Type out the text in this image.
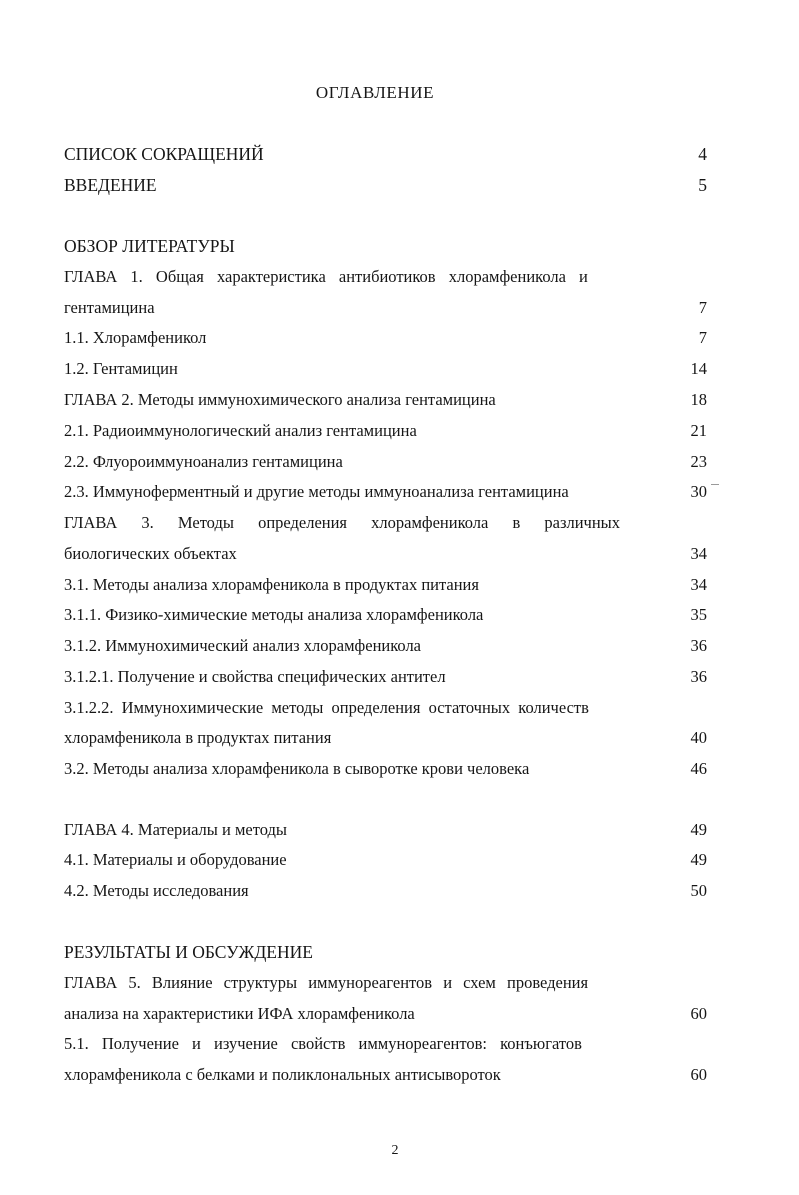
ОГЛАВЛЕНИЕ
СПИСОК СОКРАЩЕНИЙ	4
ВВЕДЕНИЕ	5
ОБЗОР ЛИТЕРАТУРЫ
ГЛАВА 1. Общая характеристика антибиотиков хлорамфеникола и
гентамицина	7
1.1. Хлорамфеникол	7
1.2. Гентамицин	14
ГЛАВА 2. Методы иммунохимического анализа гентамицина	18
2.1. Радиоиммунологический анализ гентамицина	21
2.2. Флуороиммуноанализ гентамицина	23
2.3. Иммуноферментный и другие методы иммуноанализа гентамицина	30
ГЛАВА 3. Методы определения хлорамфеникола в различных
биологических объектах	34
3.1. Методы анализа хлорамфеникола в продуктах питания	34
3.1.1. Физико-химические методы анализа хлорамфеникола	35
3.1.2. Иммунохимический анализ хлорамфеникола	36
3.1.2.1. Получение и свойства специфических антител	36
3.1.2.2. Иммунохимические методы определения остаточных количеств
хлорамфеникола в продуктах питания	40
3.2. Методы анализа хлорамфеникола в сыворотке крови человека	46
ГЛАВА 4. Материалы и методы	49
4.1. Материалы и оборудование	49
4.2. Методы исследования	50
РЕЗУЛЬТАТЫ И ОБСУЖДЕНИЕ
ГЛАВА 5. Влияние структуры иммунореагентов и схем проведения
анализа на характеристики ИФА хлорамфеникола	60
5.1. Получение и изучение свойств иммунореагентов: конъюгатов
хлорамфеникола с белками и поликлональных антисывороток	60
2
